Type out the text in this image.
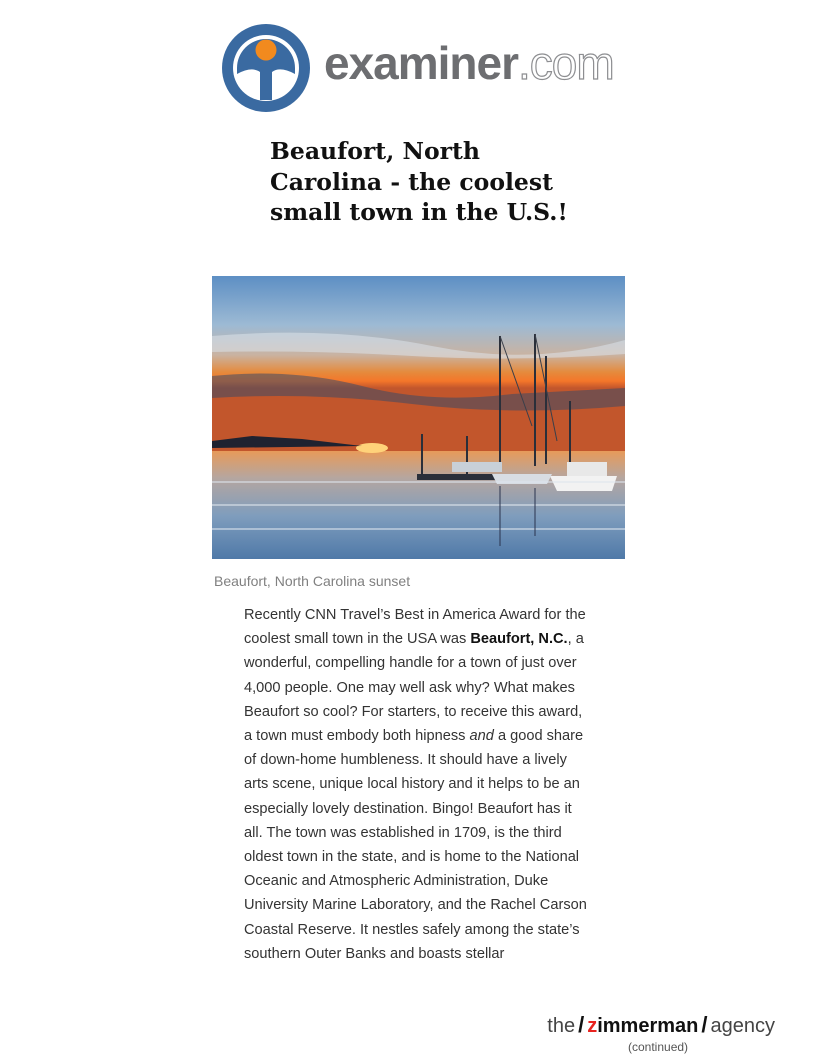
examiner.com
Beaufort, North Carolina - the coolest small town in the U.S.!

Beaufort, North Carolina sunset

Recently CNN Travel’s Best in America Award for the coolest small town in the USA was Beaufort, N.C., a wonderful, compelling handle for a town of just over 4,000 people. One may well ask why? What makes Beaufort so cool? For starters, to receive this award, a town must embody both hipness and a good share of down-home humbleness. It should have a lively arts scene, unique local history and it helps to be an especially lovely destination. Bingo! Beaufort has it all. The town was established in 1709, is the third oldest town in the state, and is home to the National Oceanic and Atmospheric Administration, Duke University Marine Laboratory, and the Rachel Carson Coastal Reserve. It nestles safely among the state’s southern Outer Banks and boasts stellar

the / zimmerman / agency
(continued)
